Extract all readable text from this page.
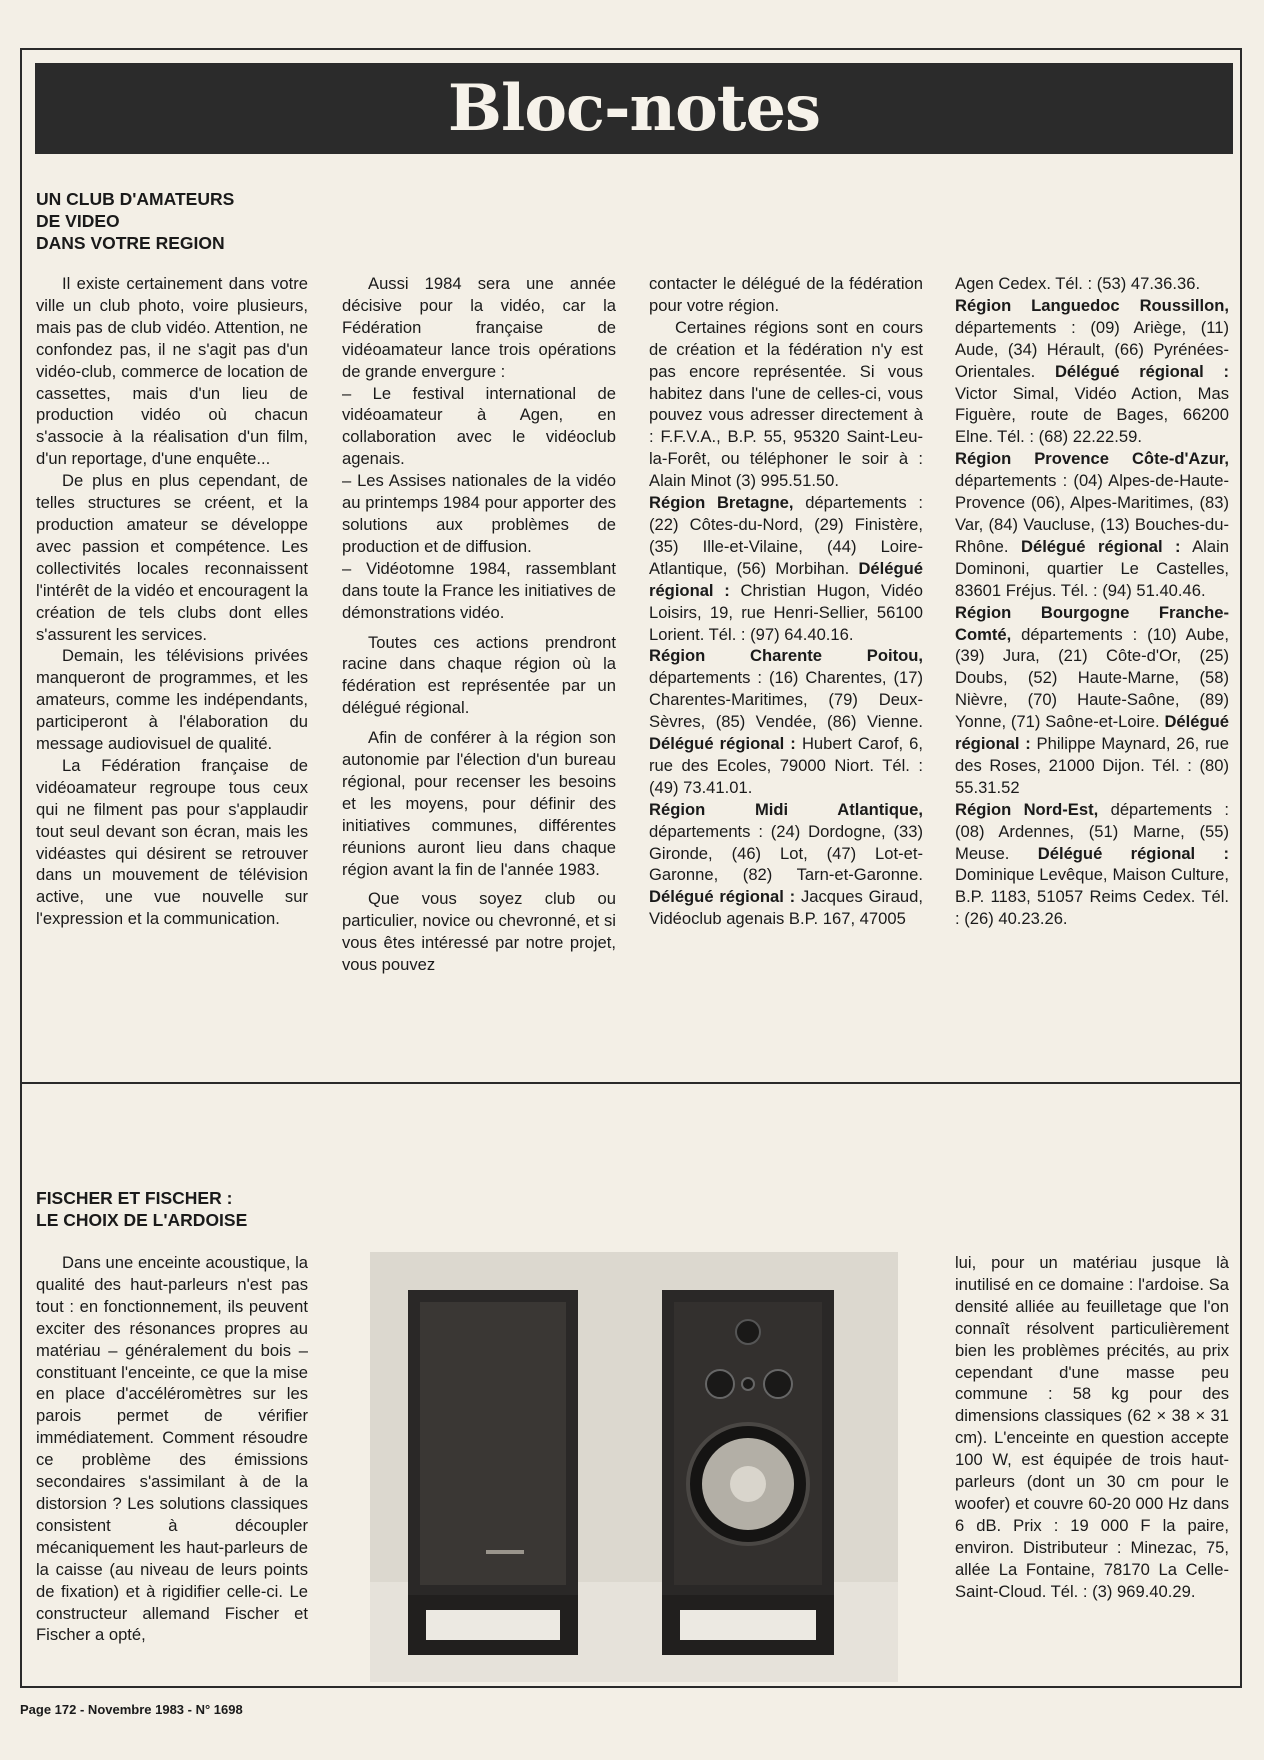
Bloc-notes
UN CLUB D'AMATEURS
DE VIDEO
DANS VOTRE REGION

Il existe certainement dans votre ville un club photo, voire plusieurs, mais pas de club vidéo. Attention, ne confondez pas, il ne s'agit pas d'un vidéo-club, commerce de location de cassettes, mais d'un lieu de production vidéo où chacun s'associe à la réalisation d'un film, d'un reportage, d'une enquête...

De plus en plus cependant, de telles structures se créent, et la production amateur se développe avec passion et compétence. Les collectivités locales reconnaissent l'intérêt de la vidéo et encouragent la création de tels clubs dont elles s'assurent les services.

Demain, les télévisions privées manqueront de programmes, et les amateurs, comme les indépendants, participeront à l'élaboration du message audiovisuel de qualité.

La Fédération française de vidéoamateur regroupe tous ceux qui ne filment pas pour s'applaudir tout seul devant son écran, mais les vidéastes qui désirent se retrouver dans un mouvement de télévision active, une vue nouvelle sur l'expression et la communication.

Aussi 1984 sera une année décisive pour la vidéo, car la Fédération française de vidéoamateur lance trois opérations de grande envergure :

– Le festival international de vidéoamateur à Agen, en collaboration avec le vidéoclub agenais.

– Les Assises nationales de la vidéo au printemps 1984 pour apporter des solutions aux problèmes de production et de diffusion.

– Vidéotomne 1984, rassemblant dans toute la France les initiatives de démonstrations vidéo.

Toutes ces actions prendront racine dans chaque région où la fédération est représentée par un délégué régional.

Afin de conférer à la région son autonomie par l'élection d'un bureau régional, pour recenser les besoins et les moyens, pour définir des initiatives communes, différentes réunions auront lieu dans chaque région avant la fin de l'année 1983.

Que vous soyez club ou particulier, novice ou chevronné, et si vous êtes intéressé par notre projet, vous pouvez

contacter le délégué de la fédération pour votre région.

Certaines régions sont en cours de création et la fédération n'y est pas encore représentée. Si vous habitez dans l'une de celles-ci, vous pouvez vous adresser directement à : F.F.V.A., B.P. 55, 95320 Saint-Leu-la-Forêt, ou téléphoner le soir à : Alain Minot (3) 995.51.50.

Région Bretagne, départements : (22) Côtes-du-Nord, (29) Finistère, (35) Ille-et-Vilaine, (44) Loire-Atlantique, (56) Morbihan. Délégué régional : Christian Hugon, Vidéo Loisirs, 19, rue Henri-Sellier, 56100 Lorient. Tél. : (97) 64.40.16.

Région Charente Poitou, départements : (16) Charentes, (17) Charentes-Maritimes, (79) Deux-Sèvres, (85) Vendée, (86) Vienne. Délégué régional : Hubert Carof, 6, rue des Ecoles, 79000 Niort. Tél. : (49) 73.41.01.

Région Midi Atlantique, départements : (24) Dordogne, (33) Gironde, (46) Lot, (47) Lot-et-Garonne, (82) Tarn-et-Garonne. Délégué régional : Jacques Giraud, Vidéoclub agenais B.P. 167, 47005

Agen Cedex. Tél. : (53) 47.36.36.

Région Languedoc Roussillon, départements : (09) Ariège, (11) Aude, (34) Hérault, (66) Pyrénées-Orientales. Délégué régional : Victor Simal, Vidéo Action, Mas Figuère, route de Bages, 66200 Elne. Tél. : (68) 22.22.59.

Région Provence Côte-d'Azur, départements : (04) Alpes-de-Haute-Provence (06), Alpes-Maritimes, (83) Var, (84) Vaucluse, (13) Bouches-du-Rhône. Délégué régional : Alain Dominoni, quartier Le Castelles, 83601 Fréjus. Tél. : (94) 51.40.46.

Région Bourgogne Franche-Comté, départements : (10) Aube, (39) Jura, (21) Côte-d'Or, (25) Doubs, (52) Haute-Marne, (58) Nièvre, (70) Haute-Saône, (89) Yonne, (71) Saône-et-Loire. Délégué régional : Philippe Maynard, 26, rue des Roses, 21000 Dijon. Tél. : (80) 55.31.52

Région Nord-Est, départements : (08) Ardennes, (51) Marne, (55) Meuse. Délégué régional : Dominique Levêque, Maison Culture, B.P. 1183, 51057 Reims Cedex. Tél. : (26) 40.23.26.

FISCHER ET FISCHER :
LE CHOIX DE L'ARDOISE

Dans une enceinte acoustique, la qualité des haut-parleurs n'est pas tout : en fonctionnement, ils peuvent exciter des résonances propres au matériau – généralement du bois – constituant l'enceinte, ce que la mise en place d'accéléromètres sur les parois permet de vérifier immédiatement. Comment résoudre ce problème des émissions secondaires s'assimilant à de la distorsion ? Les solutions classiques consistent à découpler mécaniquement les haut-parleurs de la caisse (au niveau de leurs points de fixation) et à rigidifier celle-ci. Le constructeur allemand Fischer et Fischer a opté,

lui, pour un matériau jusque là inutilisé en ce domaine : l'ardoise. Sa densité alliée au feuilletage que l'on connaît résolvent particulièrement bien les problèmes précités, au prix cependant d'une masse peu commune : 58 kg pour des dimensions classiques (62 × 38 × 31 cm). L'enceinte en question accepte 100 W, est équipée de trois haut-parleurs (dont un 30 cm pour le woofer) et couvre 60-20 000 Hz dans 6 dB. Prix : 19 000 F la paire, environ. Distributeur : Minezac, 75, allée La Fontaine, 78170 La Celle-Saint-Cloud. Tél. : (3) 969.40.29.

Page 172 - Novembre 1983 - N° 1698
